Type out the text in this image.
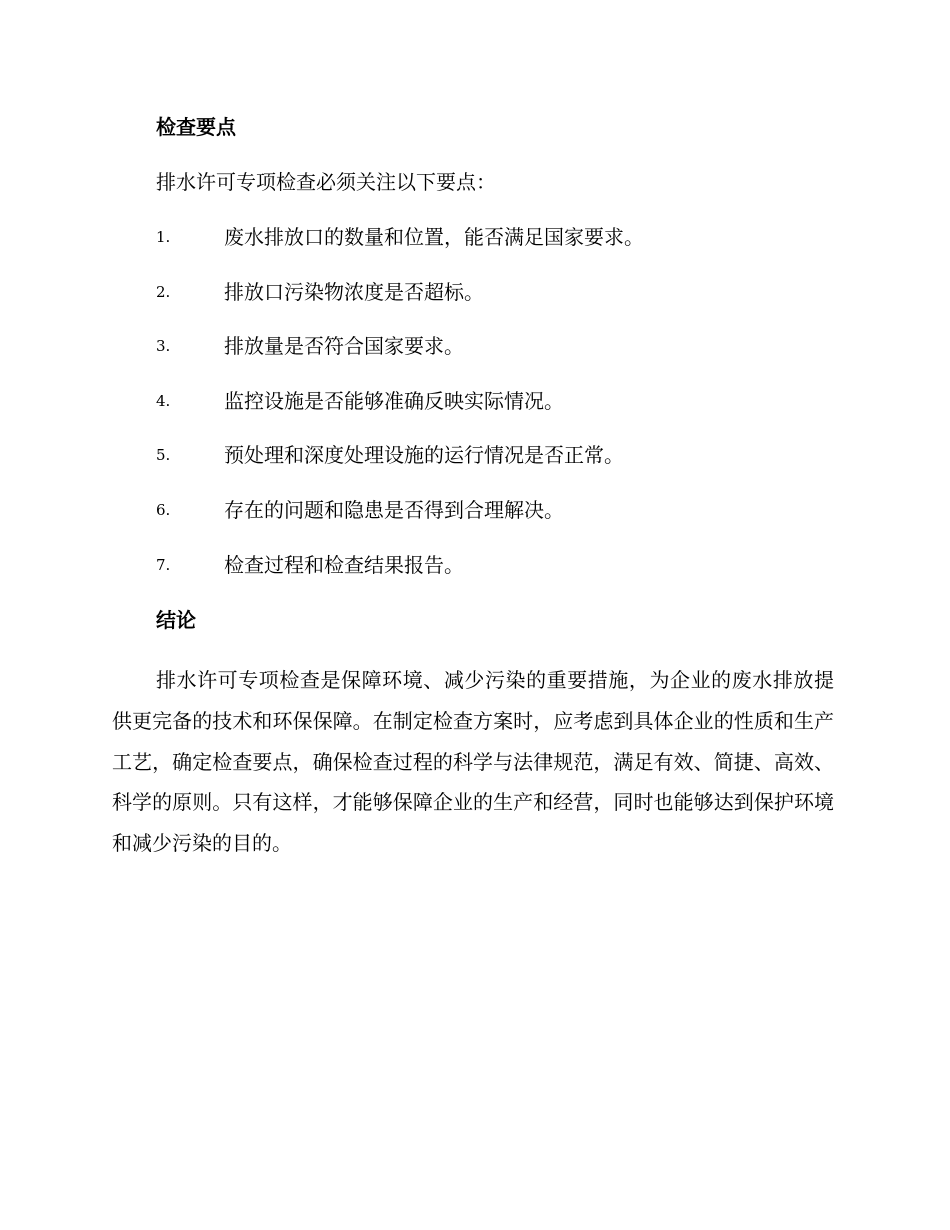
检查要点

排水许可专项检查必须关注以下要点：

1.	废水排放口的数量和位置，能否满足国家要求。
2.	排放口污染物浓度是否超标。
3.	排放量是否符合国家要求。
4.	监控设施是否能够准确反映实际情况。
5.	预处理和深度处理设施的运行情况是否正常。
6.	存在的问题和隐患是否得到合理解决。
7.	检查过程和检查结果报告。
结论

排水许可专项检查是保障环境、减少污染的重要措施，为企业的废水排放提供更完备的技术和环保保障。在制定检查方案时，应考虑到具体企业的性质和生产工艺，确定检查要点，确保检查过程的科学与法律规范，满足有效、简捷、高效、科学的原则。只有这样，才能够保障企业的生产和经营，同时也能够达到保护环境和减少污染的目的。
